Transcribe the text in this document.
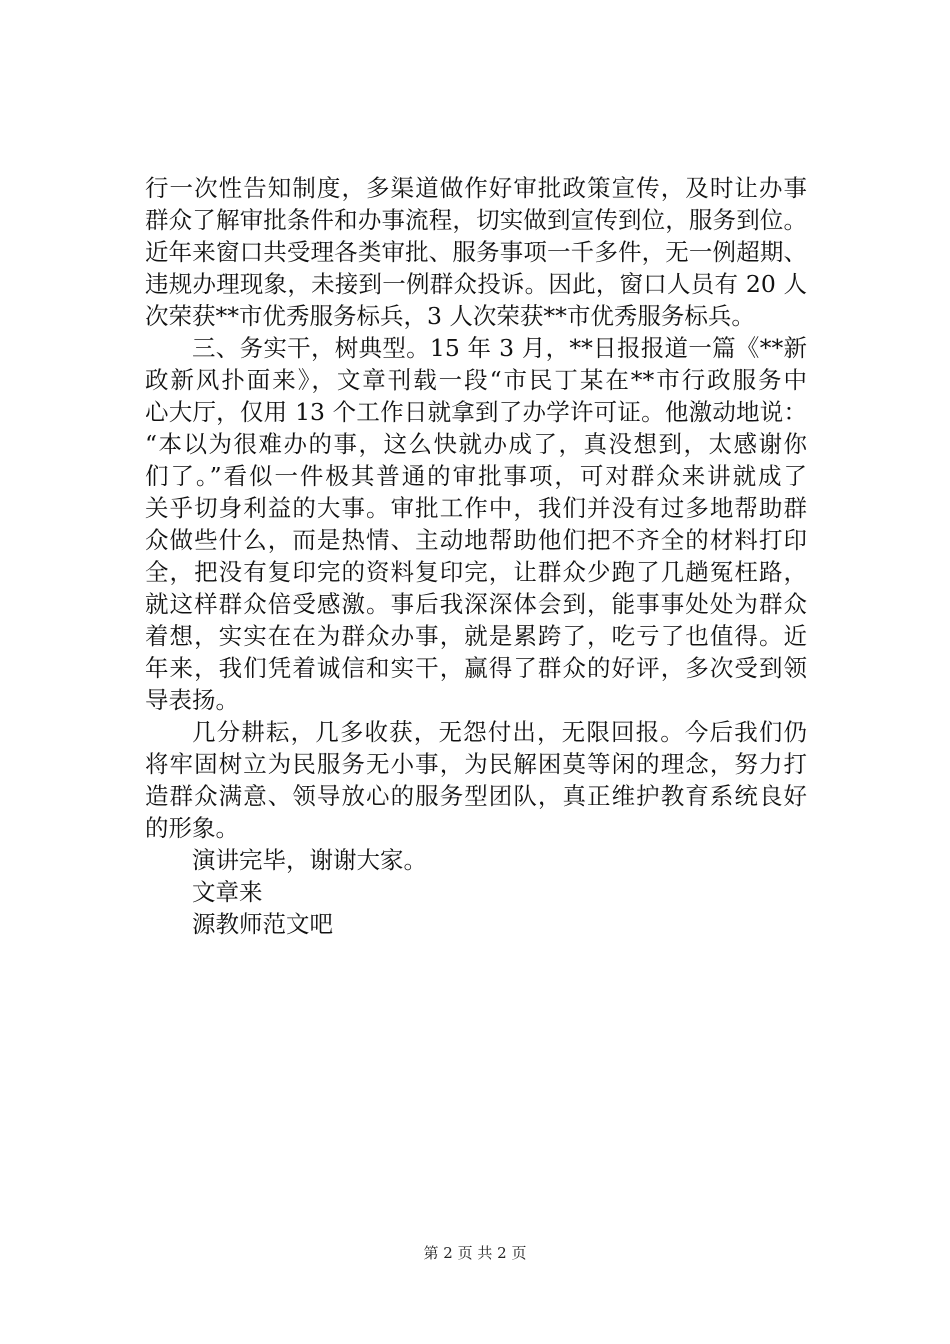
行一次性告知制度，多渠道做作好审批政策宣传，及时让办事
群众了解审批条件和办事流程，切实做到宣传到位，服务到位。
近年来窗口共受理各类审批、服务事项一千多件，无一例超期、
违规办理现象，未接到一例群众投诉。因此，窗口人员有 20 人
次荣获**市优秀服务标兵，3 人次荣获**市优秀服务标兵。
三、务实干，树典型。15 年 3 月，**日报报道一篇《**新
政新风扑面来》，文章刊载一段“市民丁某在**市行政服务中
心大厅，仅用 13 个工作日就拿到了办学许可证。他激动地说：
“本以为很难办的事，这么快就办成了，真没想到，太感谢你
们了。”看似一件极其普通的审批事项，可对群众来讲就成了
关乎切身利益的大事。审批工作中，我们并没有过多地帮助群
众做些什么，而是热情、主动地帮助他们把不齐全的材料打印
全，把没有复印完的资料复印完，让群众少跑了几趟冤枉路，
就这样群众倍受感激。事后我深深体会到，能事事处处为群众
着想，实实在在为群众办事，就是累跨了，吃亏了也值得。近
年来，我们凭着诚信和实干，赢得了群众的好评，多次受到领
导表扬。
几分耕耘，几多收获，无怨付出，无限回报。今后我们仍
将牢固树立为民服务无小事，为民解困莫等闲的理念，努力打
造群众满意、领导放心的服务型团队，真正维护教育系统良好
的形象。
演讲完毕，谢谢大家。
文章来
源教师范文吧
第 2 页 共 2 页
